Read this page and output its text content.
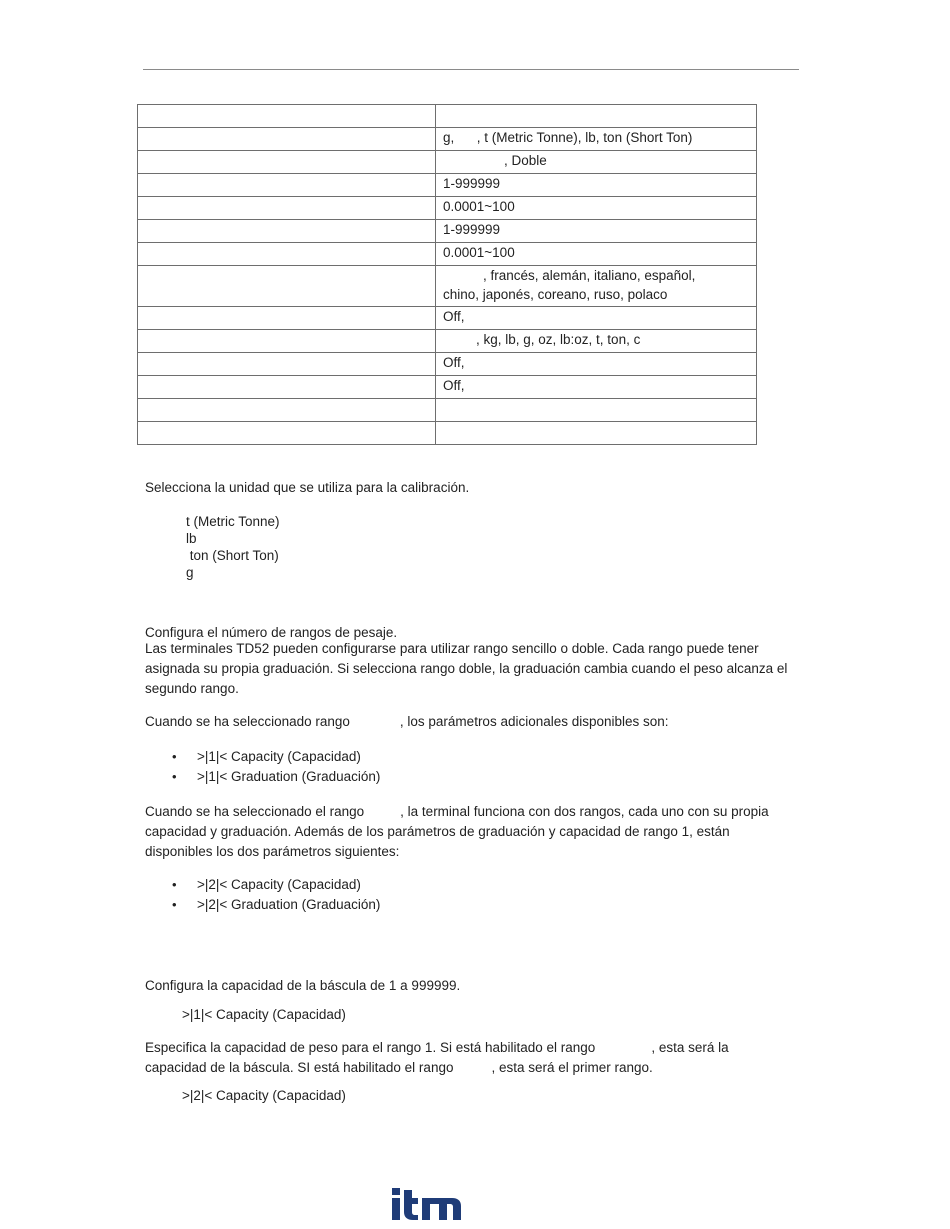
	g,      , t (Metric Tonne), lb, ton (Short Ton)
	, Doble
	1-999999
	0.0001~100
	1-999999
	0.0001~100
	, francés, alemán, italiano, español,
chino, japonés, coreano, ruso, polaco
	Off,
	, kg, lb, g, oz, lb:oz, t, ton, c
	Off,
	Off,

Selecciona la unidad que se utiliza para la calibración.

t (Metric Tonne)
lb
ton (Short Ton)
g

Configura el número de rangos de pesaje.

Las terminales TD52 pueden configurarse para utilizar rango sencillo o doble. Cada rango puede tener asignada su propia graduación. Si selecciona rango doble, la graduación cambia cuando el peso alcanza el segundo rango.

Cuando se ha seleccionado rango	, los parámetros adicionales disponibles son:

• >|1|< Capacity (Capacidad)
• >|1|< Graduation (Graduación)

Cuando se ha seleccionado el rango	, la terminal funciona con dos rangos, cada uno con su propia capacidad y graduación. Además de los parámetros de graduación y capacidad de rango 1, están disponibles los dos parámetros siguientes:

• >|2|< Capacity (Capacidad)
• >|2|< Graduation (Graduación)

Configura la capacidad de la báscula de 1 a 999999.

>|1|< Capacity (Capacidad)

Especifica la capacidad de peso para el rango 1. Si está habilitado el rango	, esta será la capacidad de la báscula. SI está habilitado el rango	, esta será el primer rango.

>|2|< Capacity (Capacidad)
